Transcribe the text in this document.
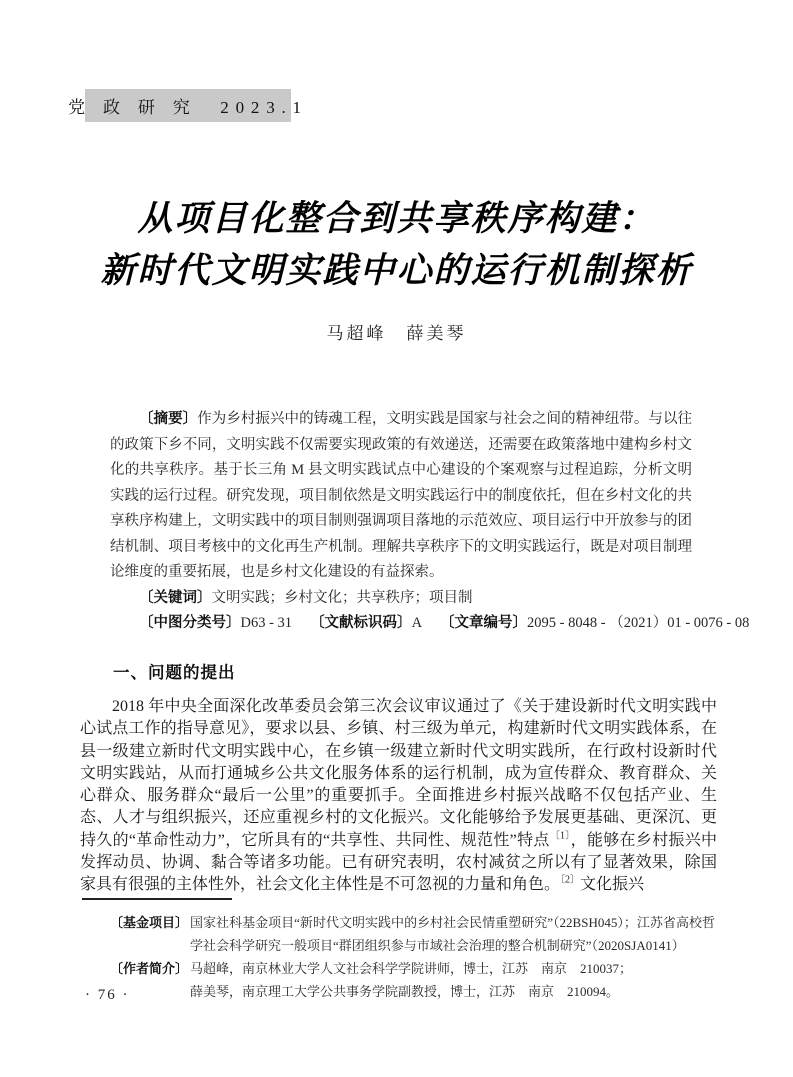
党 政 研 究　2023.1
从项目化整合到共享秩序构建：
新时代文明实践中心的运行机制探析
马超峰　薛美琴

〔摘要〕作为乡村振兴中的铸魂工程，文明实践是国家与社会之间的精神纽带。与以往的政策下乡不同，文明实践不仅需要实现政策的有效递送，还需要在政策落地中建构乡村文化的共享秩序。基于长三角 M 县文明实践试点中心建设的个案观察与过程追踪，分析文明实践的运行过程。研究发现，项目制依然是文明实践运行中的制度依托，但在乡村文化的共享秩序构建上，文明实践中的项目制则强调项目落地的示范效应、项目运行中开放参与的团结机制、项目考核中的文化再生产机制。理解共享秩序下的文明实践运行，既是对项目制理论维度的重要拓展，也是乡村文化建设的有益探索。

〔关键词〕文明实践；乡村文化；共享秩序；项目制

〔中图分类号〕D63 - 31 〔文献标识码〕A 〔文章编号〕2095 - 8048 - （2021）01 - 0076 - 08

一、问题的提出
2018 年中央全面深化改革委员会第三次会议审议通过了《关于建设新时代文明实践中心试点工作的指导意见》，要求以县、乡镇、村三级为单元，构建新时代文明实践体系，在县一级建立新时代文明实践中心，在乡镇一级建立新时代文明实践所，在行政村设新时代文明实践站，从而打通城乡公共文化服务体系的运行机制，成为宣传群众、教育群众、关心群众、服务群众“最后一公里”的重要抓手。全面推进乡村振兴战略不仅包括产业、生态、人才与组织振兴，还应重视乡村的文化振兴。文化能够给予发展更基础、更深沉、更持久的“革命性动力”，它所具有的“共享性、共同性、规范性”特点$^{〔1〕}$，能够在乡村振兴中发挥动员、协调、黏合等诸多功能。已有研究表明，农村减贫之所以有了显著效果，除国家具有很强的主体性外，社会文化主体性是不可忽视的力量和角色。$^{〔2〕}$文化振兴
〔基金项目〕 国家社科基金项目“新时代文明实践中的乡村社会民情重塑研究”（22BSH045）；江苏省高校哲学社会科学研究一般项目“群团组织参与市域社会治理的整合机制研究”（2020SJA0141）
〔作者简介〕 马超峰，南京林业大学人文社会科学学院讲师，博士，江苏　南京　210037；
薛美琴，南京理工大学公共事务学院副教授，博士，江苏　南京　210094。
· 76 ·
